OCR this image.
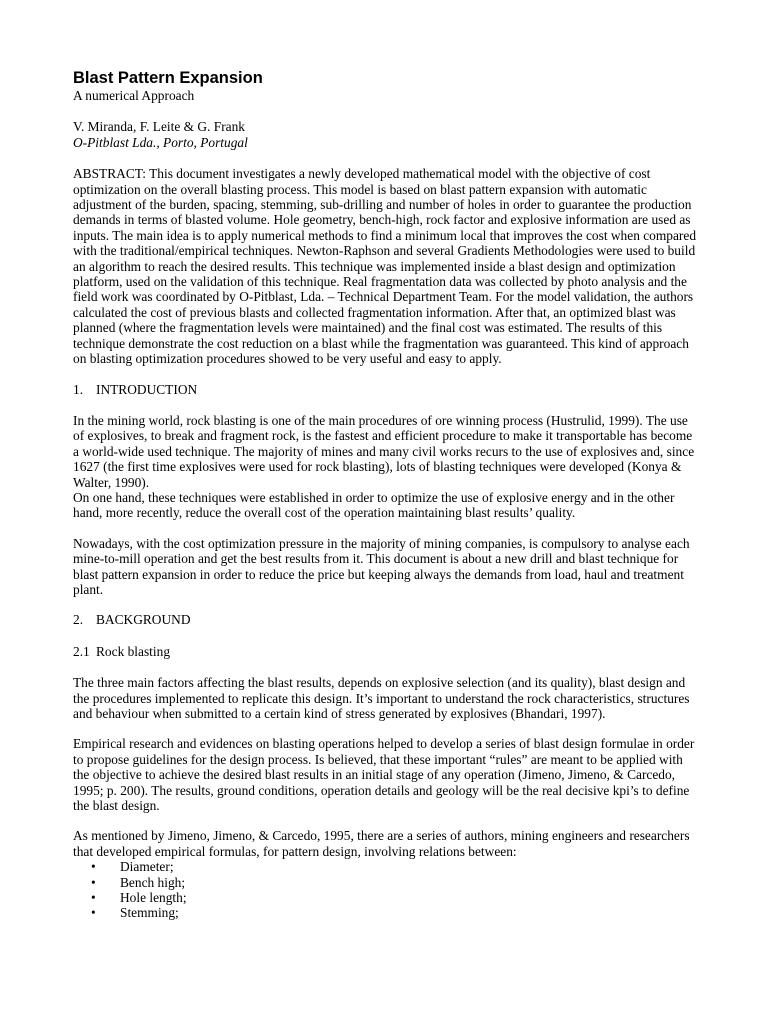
Blast Pattern Expansion
A numerical Approach
V. Miranda, F. Leite & G. Frank
O-Pitblast Lda., Porto, Portugal

ABSTRACT: This document investigates a newly developed mathematical model with the objective of cost optimization on the overall blasting process. This model is based on blast pattern expansion with automatic adjustment of the burden, spacing, stemming, sub-drilling and number of holes in order to guarantee the production demands in terms of blasted volume. Hole geometry, bench-high, rock factor and explosive information are used as inputs. The main idea is to apply numerical methods to find a minimum local that improves the cost when compared with the traditional/empirical techniques. Newton-Raphson and several Gradients Methodologies were used to build an algorithm to reach the desired results. This technique was implemented inside a blast design and optimization platform, used on the validation of this technique. Real fragmentation data was collected by photo analysis and the field work was coordinated by O-Pitblast, Lda. – Technical Department Team. For the model validation, the authors calculated the cost of previous blasts and collected fragmentation information. After that, an optimized blast was planned (where the fragmentation levels were maintained) and the final cost was estimated. The results of this technique demonstrate the cost reduction on a blast while the fragmentation was guaranteed. This kind of approach on blasting optimization procedures showed to be very useful and easy to apply.

1. INTRODUCTION

In the mining world, rock blasting is one of the main procedures of ore winning process (Hustrulid, 1999). The use of explosives, to break and fragment rock, is the fastest and efficient procedure to make it transportable has become a world-wide used technique. The majority of mines and many civil works recurs to the use of explosives and, since 1627 (the first time explosives were used for rock blasting), lots of blasting techniques were developed (Konya & Walter, 1990).

On one hand, these techniques were established in order to optimize the use of explosive energy and in the other hand, more recently, reduce the overall cost of the operation maintaining blast results’ quality.

Nowadays, with the cost optimization pressure in the majority of mining companies, is compulsory to analyse each mine-to-mill operation and get the best results from it. This document is about a new drill and blast technique for blast pattern expansion in order to reduce the price but keeping always the demands from load, haul and treatment plant.

2. BACKGROUND
2.1 Rock blasting

The three main factors affecting the blast results, depends on explosive selection (and its quality), blast design and the procedures implemented to replicate this design. It’s important to understand the rock characteristics, structures and behaviour when submitted to a certain kind of stress generated by explosives (Bhandari, 1997).

Empirical research and evidences on blasting operations helped to develop a series of blast design formulae in order to propose guidelines for the design process. Is believed, that these important “rules” are meant to be applied with the objective to achieve the desired blast results in an initial stage of any operation (Jimeno, Jimeno, & Carcedo, 1995; p. 200). The results, ground conditions, operation details and geology will be the real decisive kpi’s to define the blast design.

As mentioned by Jimeno, Jimeno, & Carcedo, 1995, there are a series of authors, mining engineers and researchers that developed empirical formulas, for pattern design, involving relations between:

• Diameter;
• Bench high;
• Hole length;
• Stemming;
